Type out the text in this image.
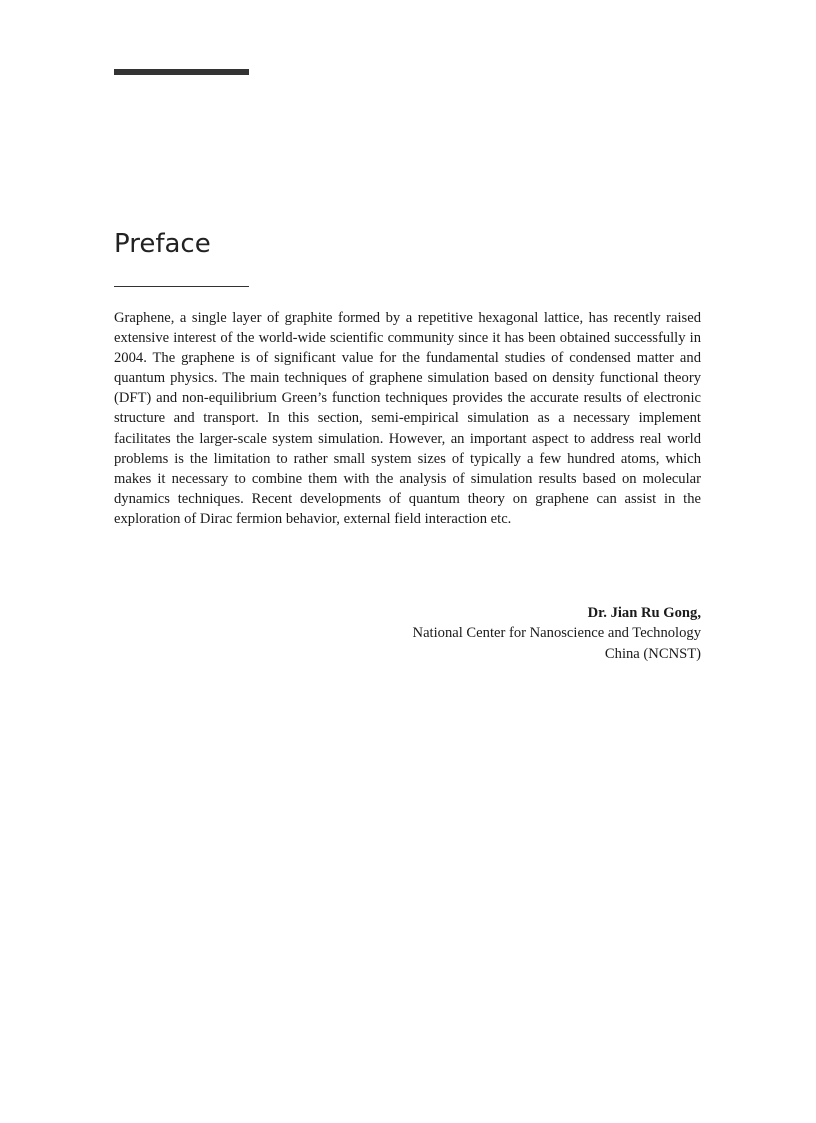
Preface

Graphene, a single layer of graphite formed by a repetitive hexagonal lattice, has recently raised extensive interest of the world-wide scientific community since it has been obtained successfully in 2004. The graphene is of significant value for the fundamental studies of condensed matter and quantum physics. The main techniques of graphene simulation based on density functional theory (DFT) and non-equilibrium Green’s function techniques provides the accurate results of electronic structure and transport. In this section, semi-empirical simulation as a necessary implement facilitates the larger-scale system simulation. However, an important aspect to address real world problems is the limitation to rather small system sizes of typically a few hundred atoms, which makes it necessary to combine them with the analysis of simulation results based on molecular dynamics techniques. Recent developments of quantum theory on graphene can assist in the exploration of Dirac fermion behavior, external field interaction etc.

Dr. Jian Ru Gong,
National Center for Nanoscience and Technology
China (NCNST)
